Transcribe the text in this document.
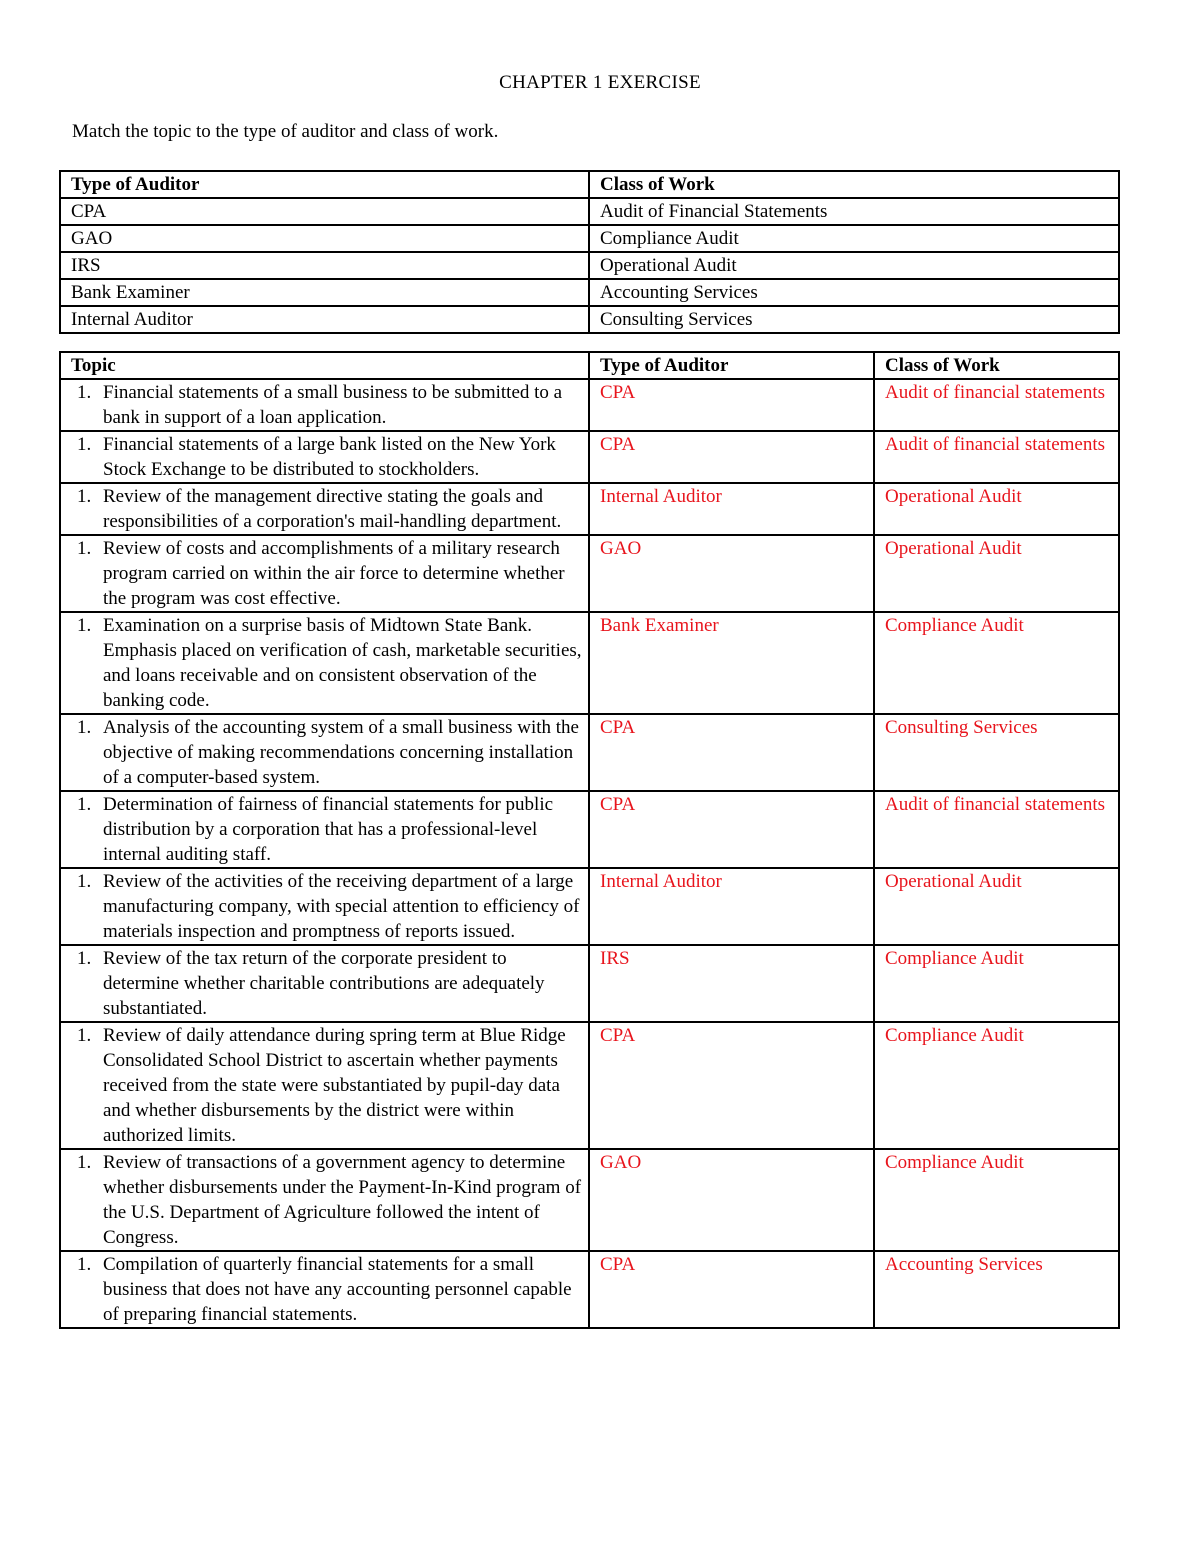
CHAPTER 1 EXERCISE
Match the topic to the type of auditor and class of work.
Type of Auditor	Class of Work
CPA	Audit of Financial Statements
GAO	Compliance Audit
IRS	Operational Audit
Bank Examiner	Accounting Services
Internal Auditor	Consulting Services
Topic	Type of Auditor	Class of Work

1. Financial statements of a small business to be submitted to a bank in support of a loan application.	CPA	Audit of financial statements

1. Financial statements of a large bank listed on the New York Stock Exchange to be distributed to stockholders.	CPA	Audit of financial statements

1. Review of the management directive stating the goals and responsibilities of a corporation's mail-handling department.	Internal Auditor	Operational Audit

1. Review of costs and accomplishments of a military research program carried on within the air force to determine whether the program was cost effective.	GAO	Operational Audit

1. Examination on a surprise basis of Midtown State Bank. Emphasis placed on verification of cash, marketable securities, and loans receivable and on consistent observation of the banking code.	Bank Examiner	Compliance Audit

1. Analysis of the accounting system of a small business with the objective of making recommendations concerning installation of a computer-based system.	CPA	Consulting Services

1. Determination of fairness of financial statements for public distribution by a corporation that has a professional-level internal auditing staff.	CPA	Audit of financial statements

1. Review of the activities of the receiving department of a large manufacturing company, with special attention to efficiency of materials inspection and promptness of reports issued.	Internal Auditor	Operational Audit

1. Review of the tax return of the corporate president to determine whether charitable contributions are adequately substantiated.	IRS	Compliance Audit

1. Review of daily attendance during spring term at Blue Ridge Consolidated School District to ascertain whether payments received from the state were substantiated by pupil-day data and whether disbursements by the district were within authorized limits.	CPA	Compliance Audit

1. Review of transactions of a government agency to determine whether disbursements under the Payment-In-Kind program of the U.S. Department of Agriculture followed the intent of Congress.	GAO	Compliance Audit

1. Compilation of quarterly financial statements for a small business that does not have any accounting personnel capable of preparing financial statements.	CPA	Accounting Services
